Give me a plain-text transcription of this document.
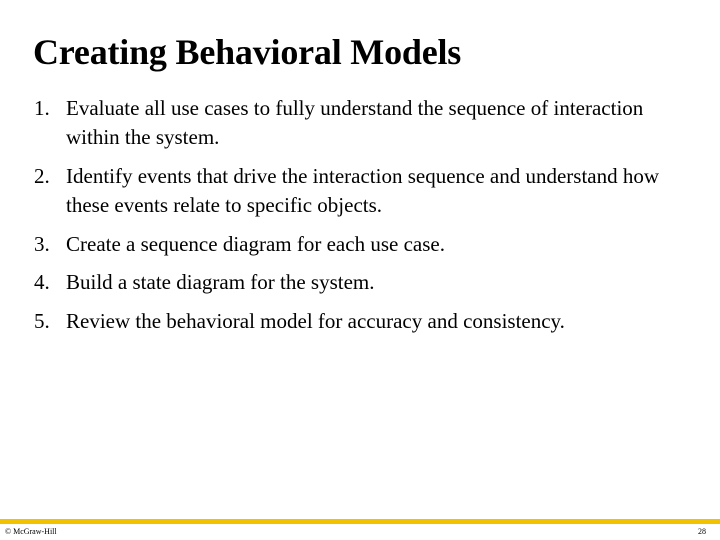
Creating Behavioral Models
1. Evaluate all use cases to fully understand the sequence of interaction within the system.
2. Identify events that drive the interaction sequence and understand how these events relate to specific objects.
3. Create a sequence diagram for each use case.
4. Build a state diagram for the system.
5. Review the behavioral model for accuracy and consistency.
© McGraw-Hill	28
